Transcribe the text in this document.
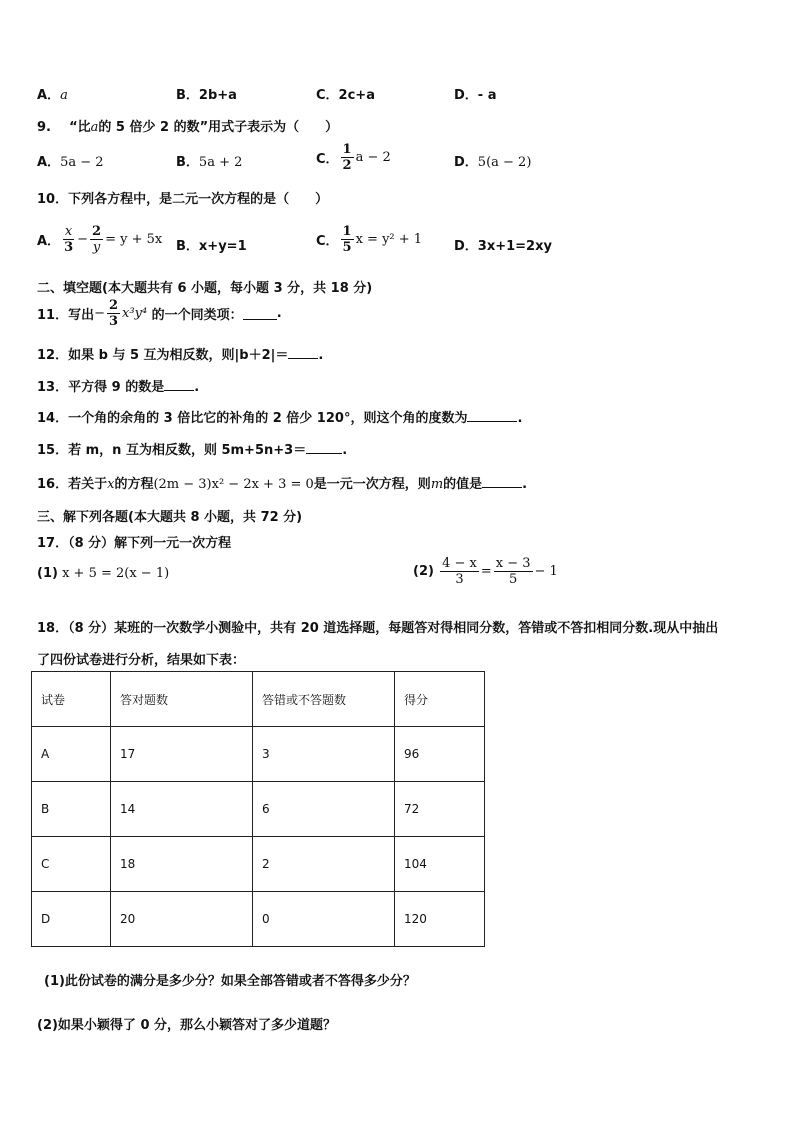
A．a	B．2b+a	C．2c+a	D．- a
9. “比a的 5 倍少 2 的数”用式子表示为（　　）
A．5a − 2	B．5a + 2	C． $\frac{1}{2}$ a − 2	D．5(a − 2)
10．下列各方程中，是二元一次方程的是（　　）
A． $\frac{x}{3} - \frac{2}{y} = y + 5x$ B．x+y=1	C． $\frac{1}{5}$ x = y² + 1 D．3x+1=2xy
二、填空题(本大题共有 6 小题，每小题 3 分，共 18 分)
11．写出− $\frac{2}{3} x^3y^4$ 的一个同类项：	.
12．如果 b 与 5 互为相反数，则|b＋2|＝ .
13．平方得 9 的数是 .
14．一个角的余角的 3 倍比它的补角的 2 倍少 120°，则这个角的度数为	.
15．若 m，n 互为相反数，则 5m+5n+3＝	.
16．若关于x的方程(2m − 3)x² − 2x + 3 = 0是一元一次方程，则m的值是	.
三、解下列各题(本大题共 8 小题，共 72 分)
17．（8 分）解下列一元一次方程
(1) x + 5 = 2(x − 1)	$(2) \frac{4 - x}{3} = \frac{x - 3}{5} - 1$
18．（8 分）某班的一次数学小测验中，共有 20 道选择题，每题答对得相同分数，答错或不答扣相同分数.现从中抽出
了四份试卷进行分析，结果如下表：
试卷	答对题数	答错或不答题数	得分
A	17	3	96
B	14	6	72
C	18	2	104
D	20	0	120
(1)此份试卷的满分是多少分？如果全部答错或者不答得多少分？
(2)如果小颖得了 0 分，那么小颖答对了多少道题？
